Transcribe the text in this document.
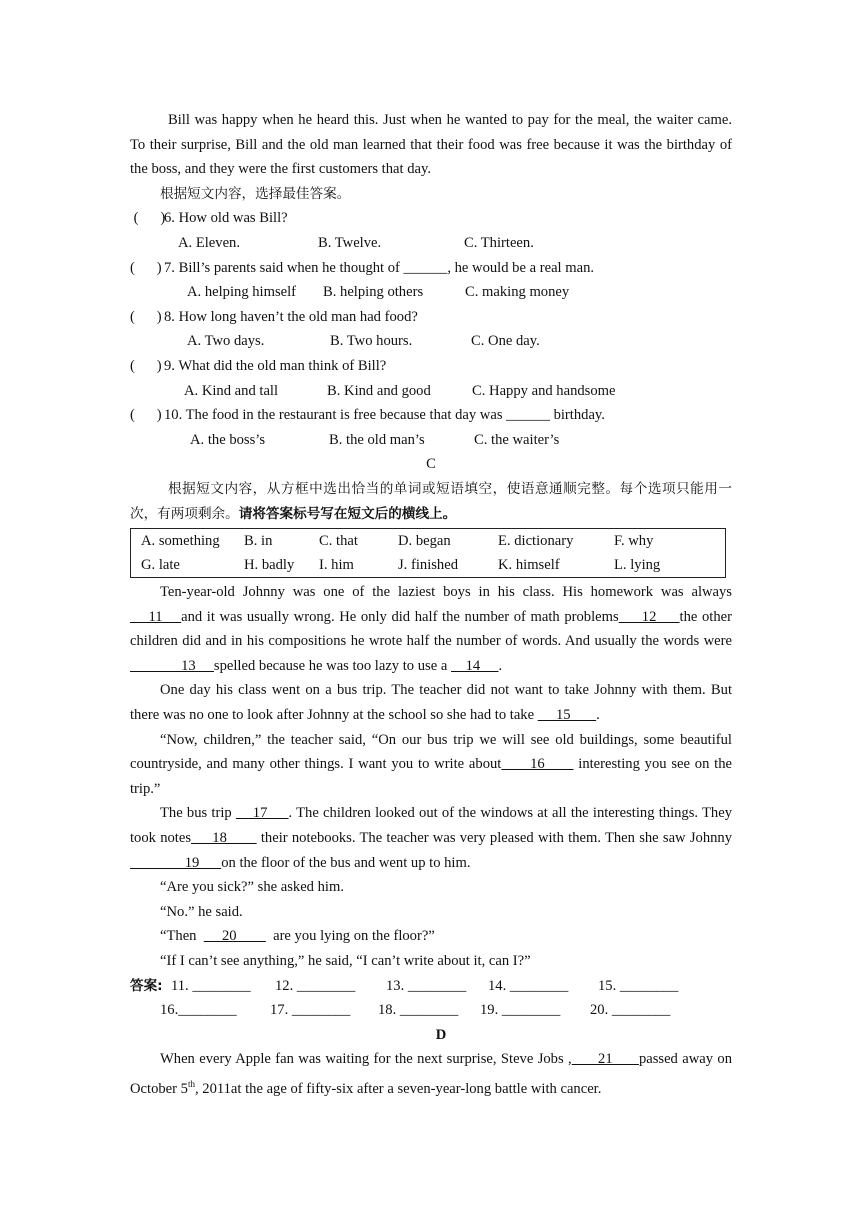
Bill was happy when he heard this. Just when he wanted to pay for the meal, the waiter came. To their surprise, Bill and the old man learned that their food was free because it was the birthday of the boss, and they were the first customers that day.

根据短文内容，选择最佳答案。

(      )
6. How old was Bill?
A. Eleven.	B. Twelve.	C. Thirteen.
(      ) 7. Bill’s parents said when he thought of ______, he would be a real man.
A. helping himself	B. helping others	C. making money
(      ) 8. How long haven’t the old man had food?
A. Two days.	B. Two hours.	C. One day.
(      ) 9. What did the old man think of Bill?
A. Kind and tall	B. Kind and good	C. Happy and handsome
(      ) 10. The food in the restaurant is free because that day was ______ birthday.
A. the boss’s	B. the old man’s	C. the waiter’s
C

根据短文内容，从方框中选出恰当的单词或短语填空，使语意通顺完整。每个选项只能用一次，有两项剩余。请将答案标号写在短文后的横线上。

A. something	B. in	C. that	D. began	E. dictionary	F. why
G. late	H. badly	I. him	J. finished	K. himself	L. lying

Ten-year-old Johnny was one of the laziest boys in his class. His homework was always     11    and it was usually wrong. He only did half the number of math problems     12     the other children did and in his compositions he wrote half the number of words. And usually the words were               13     spelled because he was too lazy to use a     14     .

One day his class went on a bus trip. The teacher did not want to take Johnny with them. But there was no one to look after Johnny at the school so she had to take      15       .

“Now, children,” the teacher said, “On our bus trip we will see old buildings, some beautiful countryside, and many other things. I want you to write about      16       interesting you see on the trip.”

The bus trip     17     . The children looked out of the windows at all the interesting things. They took notes     18        their notebooks. The teacher was very pleased with them. Then she saw Johnny                19      on the floor of the bus and went up to him.

“Are you sick?” she asked him.

“No.” he said.

“Then       20          are you lying on the floor?”

“If I can’t see anything,” he said, “I can’t write about it, can I?”

答案: 11. ________	12. ________	13. ________	14. ________	15. ________
16.________	17. ________	18. ________	19. ________	20. ________
D

When every Apple fan was waiting for the next surprise, Steve Jobs ,      21      passed away on October 5th, 2011at the age of fifty-six after a seven-year-long battle with cancer.
